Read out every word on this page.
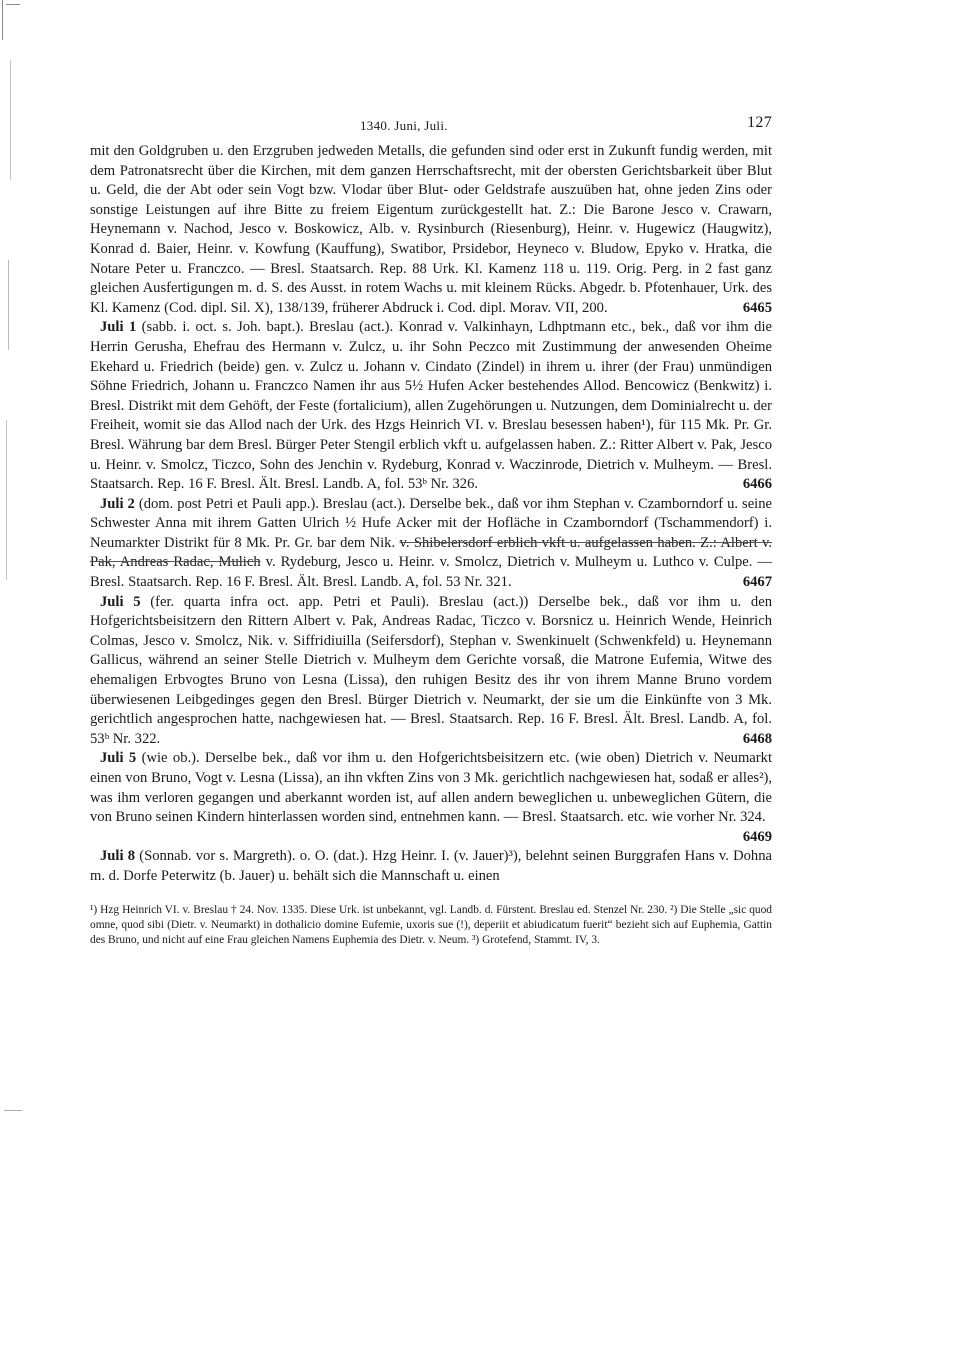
1340. Juni, Juli.	127

mit den Goldgruben u. den Erzgruben jedweden Metalls, die gefunden sind oder erst in Zukunft fundig werden, mit dem Patronatsrecht über die Kirchen, mit dem ganzen Herrschaftsrecht, mit der obersten Gerichtsbarkeit über Blut u. Geld, die der Abt oder sein Vogt bzw. Vlodar über Blut- oder Geldstrafe auszuüben hat, ohne jeden Zins oder sonstige Leistungen auf ihre Bitte zu freiem Eigentum zurückgestellt hat. Z.: Die Barone Jesco v. Crawarn, Heynemann v. Nachod, Jesco v. Boskowicz, Alb. v. Rysinburch (Riesenburg), Heinr. v. Hugewicz (Haugwitz), Konrad d. Baier, Heinr. v. Kowfung (Kauffung), Swatibor, Prsidebor, Heyneco v. Bludow, Epyko v. Hratka, die Notare Peter u. Franczco. — Bresl. Staatsarch. Rep. 88 Urk. Kl. Kamenz 118 u. 119. Orig. Perg. in 2 fast ganz gleichen Ausfertigungen m. d. S. des Ausst. in rotem Wachs u. mit kleinem Rücks. Abgedr. b. Pfotenhauer, Urk. des Kl. Kamenz (Cod. dipl. Sil. X), 138/139, früherer Abdruck i. Cod. dipl. Morav. VII, 200.	6465

Juli 1 (sabb. i. oct. s. Joh. bapt.). Breslau (act.). Konrad v. Valkinhayn, Ldhptmann etc., bek., daß vor ihm die Herrin Gerusha, Ehefrau des Hermann v. Zulcz, u. ihr Sohn Peczco mit Zustimmung der anwesenden Oheime Ekehard u. Friedrich (beide) gen. v. Zulcz u. Johann v. Cindato (Zindel) in ihrem u. ihrer (der Frau) unmündigen Söhne Friedrich, Johann u. Franczco Namen ihr aus 5½ Hufen Acker bestehendes Allod. Bencowicz (Benkwitz) i. Bresl. Distrikt mit dem Gehöft, der Feste (fortalicium), allen Zugehörungen u. Nutzungen, dem Dominialrecht u. der Freiheit, womit sie das Allod nach der Urk. des Hzgs Heinrich VI. v. Breslau besessen haben¹), für 115 Mk. Pr. Gr. Bresl. Währung bar dem Bresl. Bürger Peter Stengil erblich vkft u. aufgelassen haben. Z.: Ritter Albert v. Pak, Jesco u. Heinr. v. Smolcz, Ticzco, Sohn des Jenchin v. Rydeburg, Konrad v. Waczinrode, Dietrich v. Mulheym. — Bresl. Staatsarch. Rep. 16 F. Bresl. Ält. Bresl. Landb. A, fol. 53ᵇ Nr. 326.	6466

Juli 2 (dom. post Petri et Pauli app.). Breslau (act.). Derselbe bek., daß vor ihm Stephan v. Czamborndorf u. seine Schwester Anna mit ihrem Gatten Ulrich ½ Hufe Acker mit der Hofläche in Czamborndorf (Tschammendorf) i. Neumarkter Distrikt für 8 Mk. Pr. Gr. bar dem Nik. v. Shibelersdorf erblich vkft u. aufgelassen haben. Z.: Albert v. Pak, Andreas Radac, Mulich v. Rydeburg, Jesco u. Heinr. v. Smolcz, Dietrich v. Mulheym u. Luthco v. Culpe. — Bresl. Staatsarch. Rep. 16 F. Bresl. Ält. Bresl. Landb. A, fol. 53 Nr. 321.	6467

Juli 5 (fer. quarta infra oct. app. Petri et Pauli). Breslau (act.)) Derselbe bek., daß vor ihm u. den Hofgerichtsbeisitzern den Rittern Albert v. Pak, Andreas Radac, Ticzco v. Borsnicz u. Heinrich Wende, Heinrich Colmas, Jesco v. Smolcz, Nik. v. Siffridiuilla (Seifersdorf), Stephan v. Swenkinuelt (Schwenkfeld) u. Heynemann Gallicus, während an seiner Stelle Dietrich v. Mulheym dem Gerichte vorsaß, die Matrone Eufemia, Witwe des ehemaligen Erbvogtes Bruno von Lesna (Lissa), den ruhigen Besitz des ihr von ihrem Manne Bruno vordem überwiesenen Leibgedinges gegen den Bresl. Bürger Dietrich v. Neumarkt, der sie um die Einkünfte von 3 Mk. gerichtlich angesprochen hatte, nachgewiesen hat. — Bresl. Staatsarch. Rep. 16 F. Bresl. Ält. Bresl. Landb. A, fol. 53ᵇ Nr. 322.	6468

Juli 5 (wie ob.). Derselbe bek., daß vor ihm u. den Hofgerichtsbeisitzern etc. (wie oben) Dietrich v. Neumarkt einen von Bruno, Vogt v. Lesna (Lissa), an ihn vkften Zins von 3 Mk. gerichtlich nachgewiesen hat, sodaß er alles²), was ihm verloren gegangen und aberkannt worden ist, auf allen andern beweglichen u. unbeweglichen Gütern, die von Bruno seinen Kindern hinterlassen worden sind, entnehmen kann. — Bresl. Staatsarch. etc. wie vorher Nr. 324.
6469

Juli 8 (Sonnab. vor s. Margreth). o. O. (dat.). Hzg Heinr. I. (v. Jauer)³), belehnt seinen Burggrafen Hans v. Dohna m. d. Dorfe Peterwitz (b. Jauer) u. behält sich die Mannschaft u. einen

¹) Hzg Heinrich VI. v. Breslau † 24. Nov. 1335. Diese Urk. ist unbekannt, vgl. Landb. d. Fürstent. Breslau ed. Stenzel Nr. 230. ²) Die Stelle „sic quod omne, quod sibi (Dietr. v. Neumarkt) in dothalicio domine Eufemie, uxoris sue (!), deperiit et abiudicatum fuerit“ bezieht sich auf Euphemia, Gattin des Bruno, und nicht auf eine Frau gleichen Namens Euphemia des Dietr. v. Neum. ³) Grotefend, Stammt. IV, 3.
